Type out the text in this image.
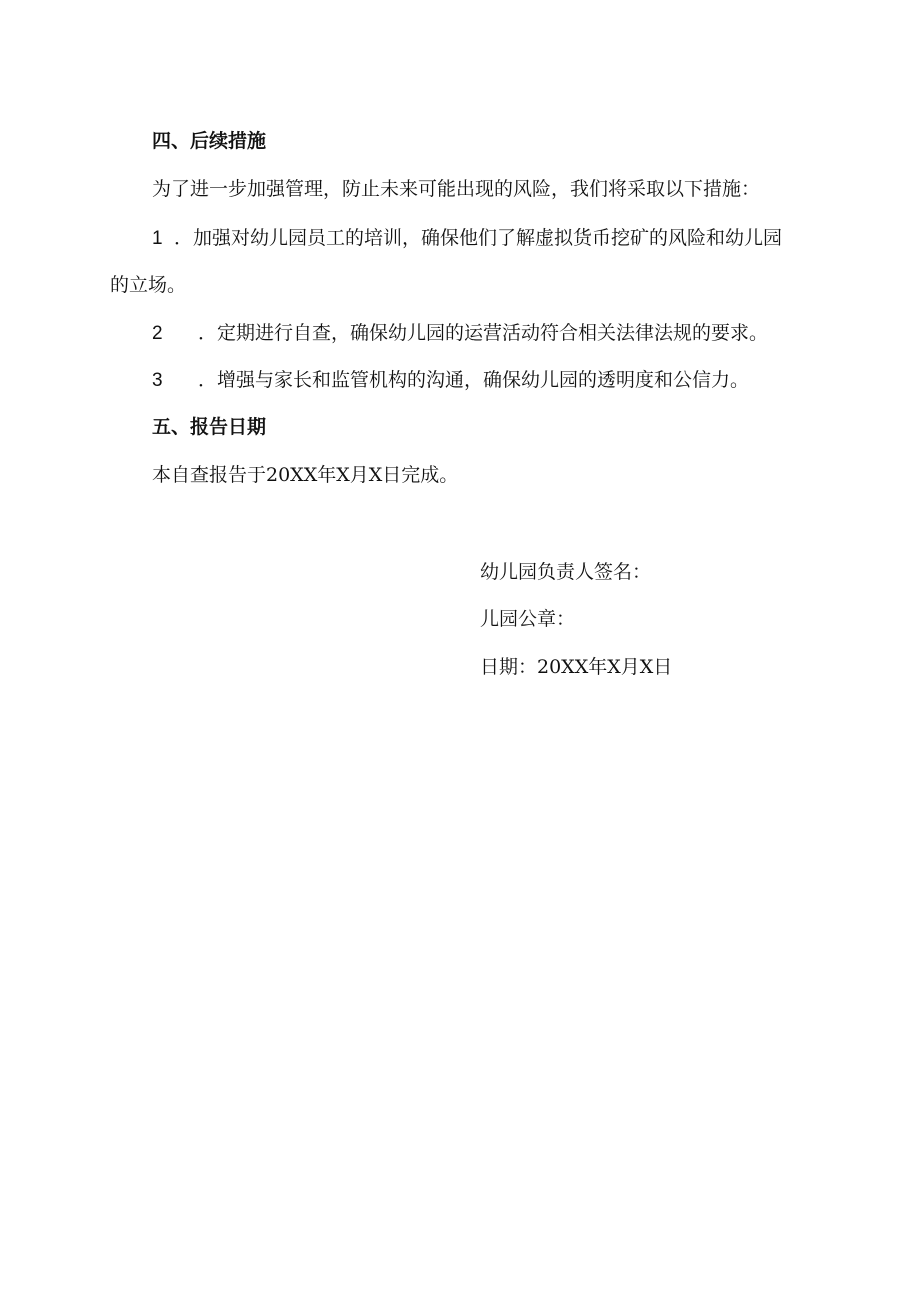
四、后续措施
为了进一步加强管理，防止未来可能出现的风险，我们将采取以下措施：
1 ．加强对幼儿园员工的培训，确保他们了解虚拟货币挖矿的风险和幼儿园
的立场。
2 ．定期进行自查，确保幼儿园的运营活动符合相关法律法规的要求。
3 ．增强与家长和监管机构的沟通，确保幼儿园的透明度和公信力。
五、报告日期
本自查报告于20XX年X月X日完成。
幼儿园负责人签名：
儿园公章：
日期：20XX年X月X日
